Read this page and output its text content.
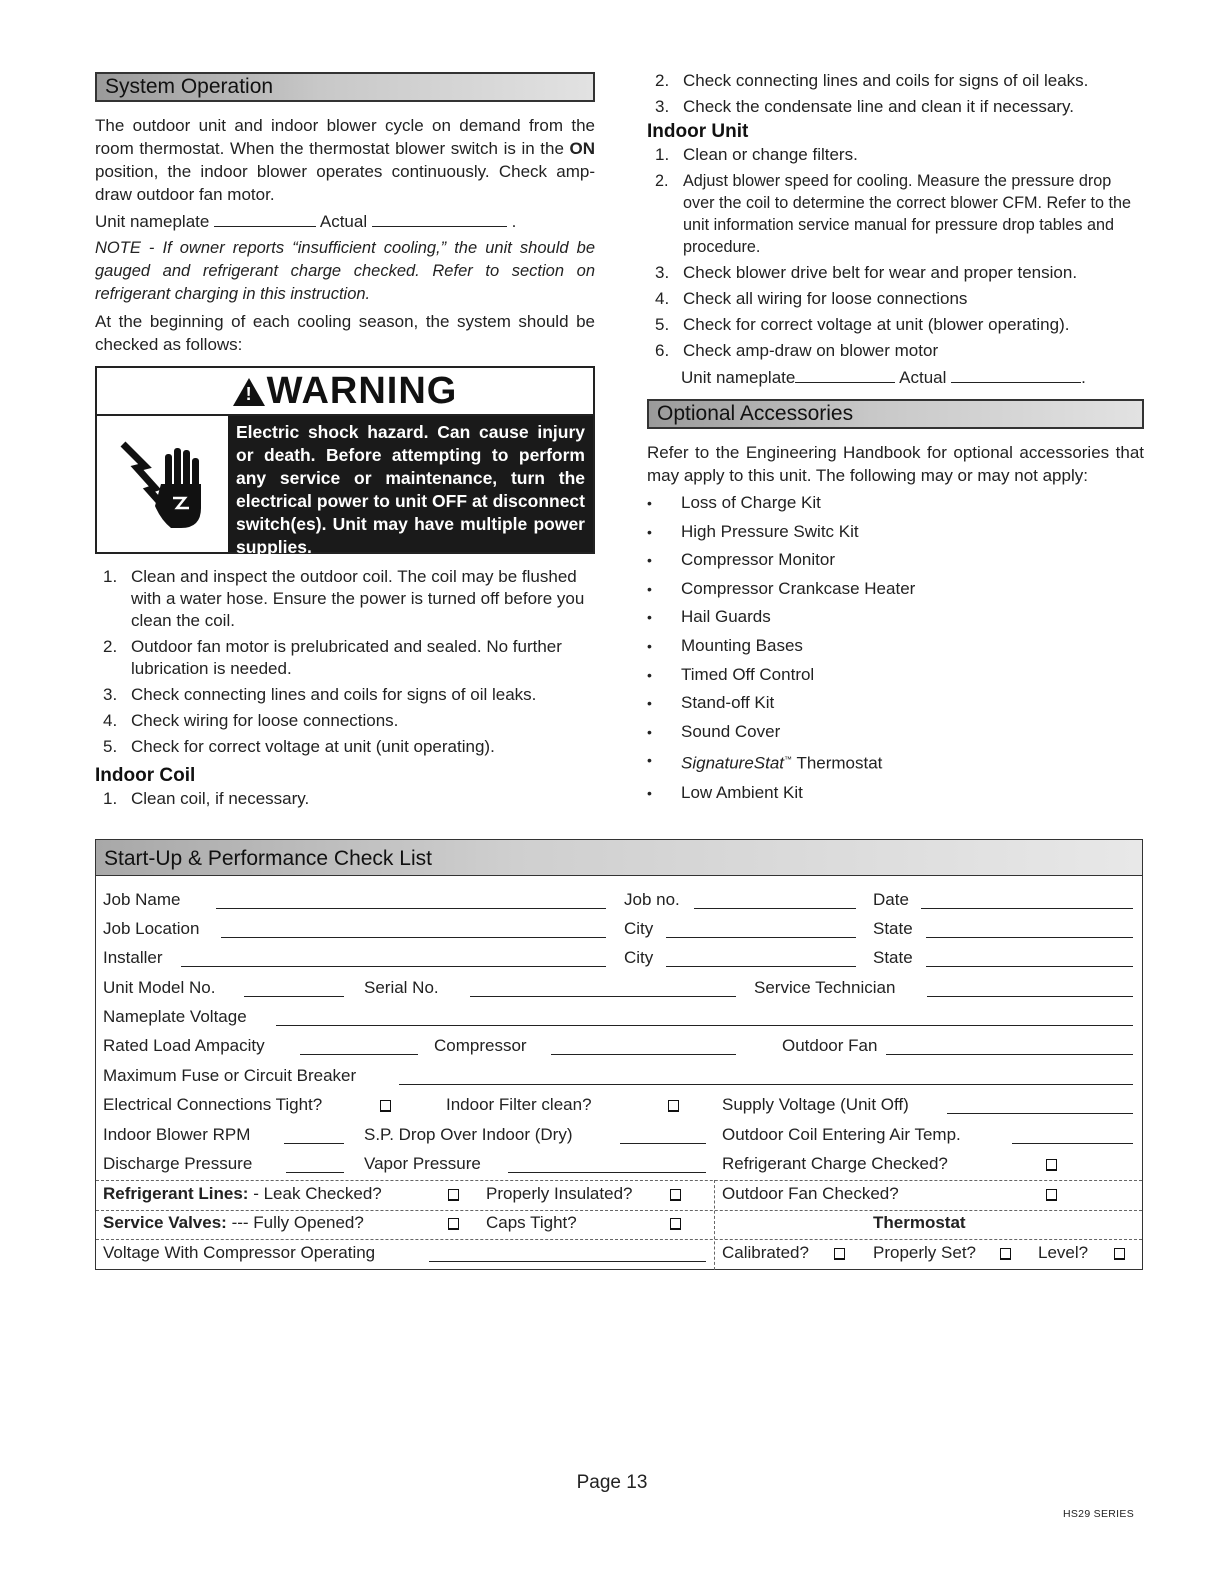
System Operation

The outdoor unit and indoor blower cycle on demand from the room thermostat. When the thermostat blower switch is in the ON position, the indoor blower operates continuously. Check amp-draw outdoor fan motor.

Unit nameplate	Actual	.

NOTE - If owner reports “insufficient cooling,” the unit should be gauged and refrigerant charge checked. Refer to section on refrigerant charging in this instruction.

At the beginning of each cooling season, the system should be checked as follows:

! WARNING
Electric shock hazard. Can cause injury or death. Before attempting to perform any service or maintenance, turn the electrical power to unit OFF at disconnect switch(es). Unit may have multiple power supplies.
1. Clean and inspect the outdoor coil. The coil may be flushed with a water hose. Ensure the power is turned off before you clean the coil.
2. Outdoor fan motor is prelubricated and sealed. No further lubrication is needed.
3. Check connecting lines and coils for signs of oil leaks.
4. Check wiring for loose connections.
5. Check for correct voltage at unit (unit operating).
Indoor Coil
1. Clean coil, if necessary.
2. Check connecting lines and coils for signs of oil leaks.
3. Check the condensate line and clean it if necessary.
Indoor Unit
1. Clean or change filters.
2. Adjust blower speed for cooling. Measure the pressure drop over the coil to determine the correct blower CFM. Refer to the unit information service manual for pressure drop tables and procedure.
3. Check blower drive belt for wear and proper tension.
4. Check all wiring for loose connections
5. Check for correct voltage at unit (blower operating).
6. Check amp-draw on blower motor

Unit nameplate	Actual	.

Optional Accessories

Refer to the Engineering Handbook for optional accessories that may apply to this unit. The following may or may not apply:

• Loss of Charge Kit
• High Pressure Switc Kit
• Compressor Monitor
• Compressor Crankcase Heater
• Hail Guards
• Mounting Bases
• Timed Off Control
• Stand-off Kit
• Sound Cover
• SignatureStat™ Thermostat
• Low Ambient Kit
Start-Up & Performance Check List
Job Name	Job no.	Date
Job Location	City	State
Installer	City	State
Unit Model No.	Serial No.	Service Technician
Nameplate Voltage
Rated Load Ampacity	Compressor	Outdoor Fan
Maximum Fuse or Circuit Breaker
Electrical Connections Tight?	Indoor Filter clean?	Supply Voltage (Unit Off)
Indoor Blower RPM	S.P. Drop Over Indoor (Dry)	Outdoor Coil Entering Air Temp.
Discharge Pressure	Vapor Pressure	Refrigerant Charge Checked?
Refrigerant Lines: - Leak Checked?	Properly Insulated?	Outdoor Fan Checked?
Service Valves: --- Fully Opened?	Caps Tight?	Thermostat
Voltage With Compressor Operating	Calibrated?	Properly Set?	Level?
Page 13
HS29 SERIES
